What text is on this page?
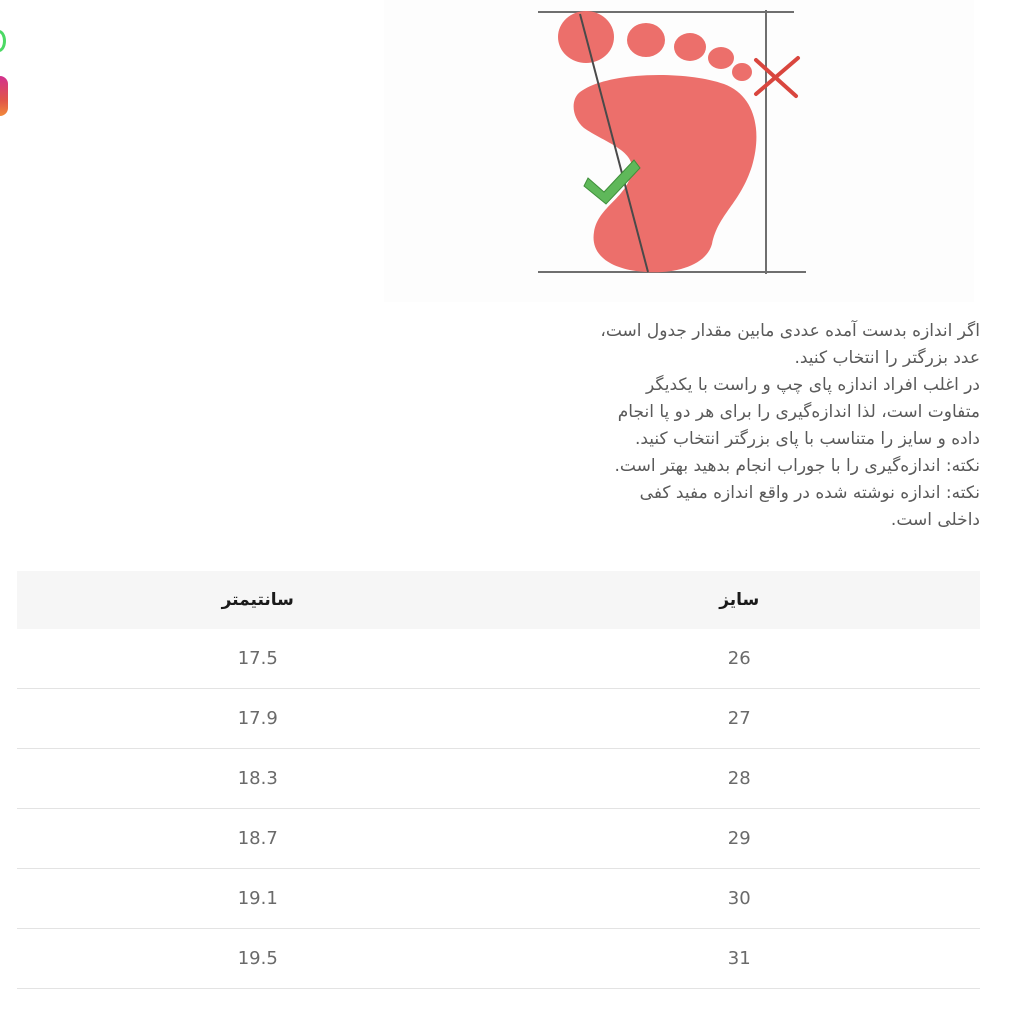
اگر اندازه بدست آمده عددی مابین مقدار جدول است،
عدد بزرگتر را انتخاب کنید.
در اغلب افراد اندازه پای چپ و راست با یکدیگر
متفاوت است، لذا اندازه‌گیری را برای هر دو پا انجام
داده و سایز را متناسب با پای بزرگتر انتخاب کنید.
نکته: اندازه‌گیری را با جوراب انجام بدهید بهتر است.
نکته: اندازه نوشته شده در واقع اندازه مفید کفی
داخلی است.
سایز	سانتیمتر
26	17.5
27	17.9
28	18.3
29	18.7
30	19.1
31	19.5
